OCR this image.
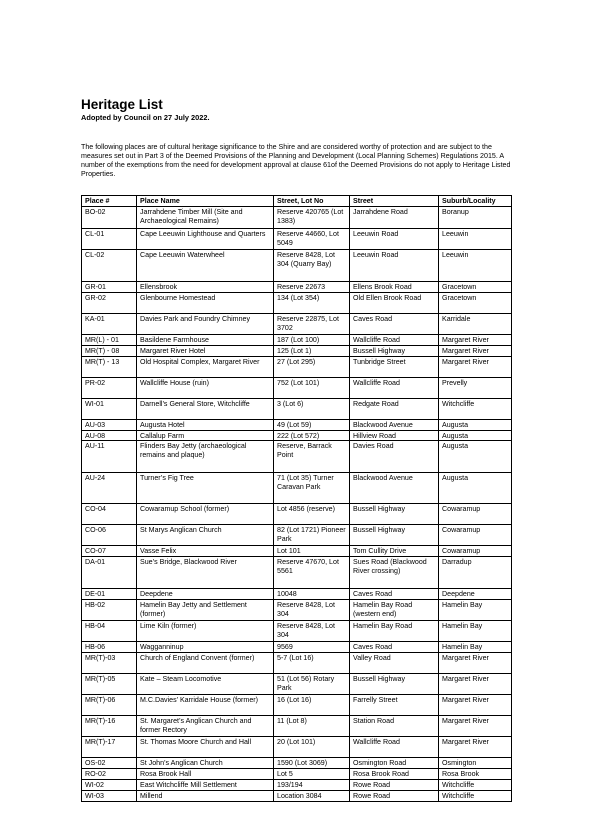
Heritage List
Adopted by Council on 27 July 2022.

The following places are of cultural heritage significance to the Shire and are considered worthy of protection and are subject to the measures set out in Part 3 of the Deemed Provisions of the Planning and Development (Local Planning Schemes) Regulations 2015. A number of the exemptions from the need for development approval at clause 61of the Deemed Provisions do not apply to Heritage Listed Properties.

Place #	Place Name	Street, Lot No	Street	Suburb/Locality
BO-02	Jarrahdene Timber Mill (Site and Archaeological Remains)	Reserve 420765 (Lot 1383)	Jarrahdene Road	Boranup
CL-01	Cape Leeuwin Lighthouse and Quarters	Reserve 44660, Lot 5049	Leeuwin Road	Leeuwin
CL-02	Cape Leeuwin Waterwheel	Reserve 8428, Lot 304 (Quarry Bay)	Leeuwin Road	Leeuwin
GR-01	Ellensbrook	Reserve 22673	Ellens Brook Road	Gracetown
GR-02	Glenbourne Homestead	134 (Lot 354)	Old Ellen Brook Road	Gracetown
KA-01	Davies Park and Foundry Chimney	Reserve 22875, Lot 3702	Caves Road	Karridale
MR(L) - 01	Basildene Farmhouse	187 (Lot 100)	Wallcliffe Road	Margaret River
MR(T) - 08	Margaret River Hotel	125 (Lot 1)	Bussell Highway	Margaret River
MR(T) - 13	Old Hospital Complex, Margaret River	27 (Lot 295)	Tunbridge Street	Margaret River
PR-02	Wallcliffe House (ruin)	752 (Lot 101)	Wallcliffe Road	Prevelly
WI-01	Darnell’s General Store, Witchcliffe	3 (Lot 6)	Redgate Road	Witchcliffe
AU-03	Augusta Hotel	49 (Lot 59)	Blackwood Avenue	Augusta
AU-08	Callalup Farm	222 (Lot 572)	Hillview Road	Augusta
AU-11	Flinders Bay Jetty (archaeological remains and plaque)	Reserve, Barrack Point	Davies Road	Augusta
AU-24	Turner’s Fig Tree	71 (Lot 35) Turner Caravan Park	Blackwood Avenue	Augusta
CO-04	Cowaramup School (former)	Lot 4856 (reserve)	Bussell Highway	Cowaramup
CO-06	St Marys Anglican Church	82 (Lot 1721) Pioneer Park	Bussell Highway	Cowaramup
CO-07	Vasse Felix	Lot 101	Tom Cullity Drive	Cowaramup
DA-01	Sue’s Bridge, Blackwood River	Reserve 47670, Lot 5561	Sues Road (Blackwood River crossing)	Darradup
DE-01	Deepdene	10048	Caves Road	Deepdene
HB-02	Hamelin Bay Jetty and Settlement (former)	Reserve 8428, Lot 304	Hamelin Bay Road (western end)	Hamelin Bay
HB-04	Lime Kiln (former)	Reserve 8428, Lot 304	Hamelin Bay Road	Hamelin Bay
HB-06	Wagganninup	9569	Caves Road	Hamelin Bay
MR(T)-03	Church of England Convent (former)	5-7 (Lot 16)	Valley Road	Margaret River
MR(T)-05	Kate – Steam Locomotive	51 (Lot 56) Rotary Park	Bussell Highway	Margaret River
MR(T)-06	M.C.Davies’ Karridale House (former)	16 (Lot 16)	Farrelly Street	Margaret River
MR(T)-16	St. Margaret’s Anglican Church and former Rectory	11 (Lot 8)	Station Road	Margaret River
MR(T)-17	St. Thomas Moore Church and Hall	20 (Lot 101)	Wallcliffe Road	Margaret River
OS-02	St John’s Anglican Church	1590 (Lot 3069)	Osmington Road	Osmington
RO-02	Rosa Brook Hall	Lot 5	Rosa Brook Road	Rosa Brook
WI-02	East Witchcliffe Mill Settlement	193/194	Rowe Road	Witchcliffe
WI-03	Millend	Location 3084	Rowe Road	Witchcliffe
